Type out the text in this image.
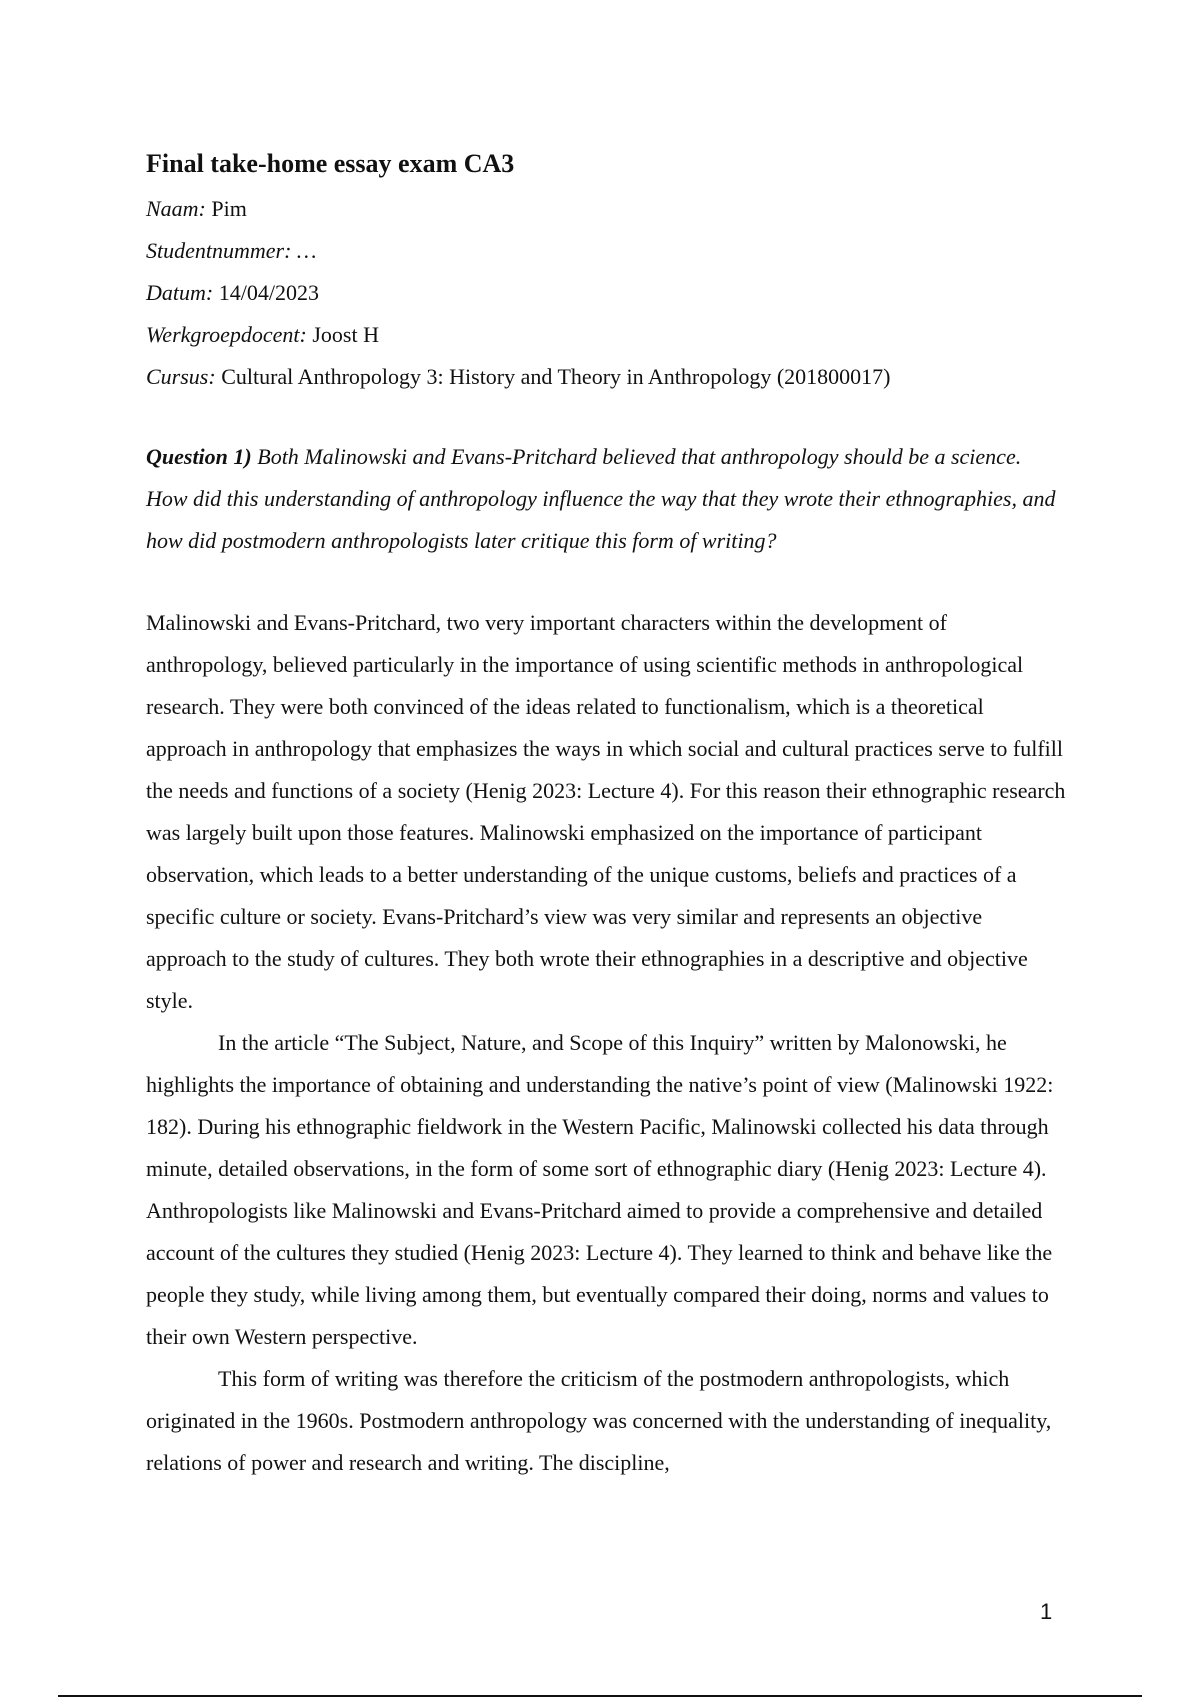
Final take-home essay exam CA3

Naam: Pim

Studentnummer: …

Datum: 14/04/2023

Werkgroepdocent: Joost H

Cursus: Cultural Anthropology 3: History and Theory in Anthropology (201800017)

Question 1) Both Malinowski and Evans-Pritchard believed that anthropology should be a science. How did this understanding of anthropology influence the way that they wrote their ethnographies, and how did postmodern anthropologists later critique this form of writing?

Malinowski and Evans-Pritchard, two very important characters within the development of anthropology, believed particularly in the importance of using scientific methods in anthropological research. They were both convinced of the ideas related to functionalism, which is a theoretical approach in anthropology that emphasizes the ways in which social and cultural practices serve to fulfill the needs and functions of a society (Henig 2023: Lecture 4). For this reason their ethnographic research was largely built upon those features. Malinowski emphasized on the importance of participant observation, which leads to a better understanding of the unique customs, beliefs and practices of a specific culture or society. Evans-Pritchard’s view was very similar and represents an objective approach to the study of cultures. They both wrote their ethnographies in a descriptive and objective style.

In the article “The Subject, Nature, and Scope of this Inquiry” written by Malonowski, he highlights the importance of obtaining and understanding the native’s point of view (Malinowski 1922: 182). During his ethnographic fieldwork in the Western Pacific, Malinowski collected his data through minute, detailed observations, in the form of some sort of ethnographic diary (Henig 2023: Lecture 4). Anthropologists like Malinowski and Evans-Pritchard aimed to provide a comprehensive and detailed account of the cultures they studied (Henig 2023: Lecture 4). They learned to think and behave like the people they study, while living among them, but eventually compared their doing, norms and values to their own Western perspective.

This form of writing was therefore the criticism of the postmodern anthropologists, which originated in the 1960s. Postmodern anthropology was concerned with the understanding of inequality, relations of power and research and writing. The discipline,

1
